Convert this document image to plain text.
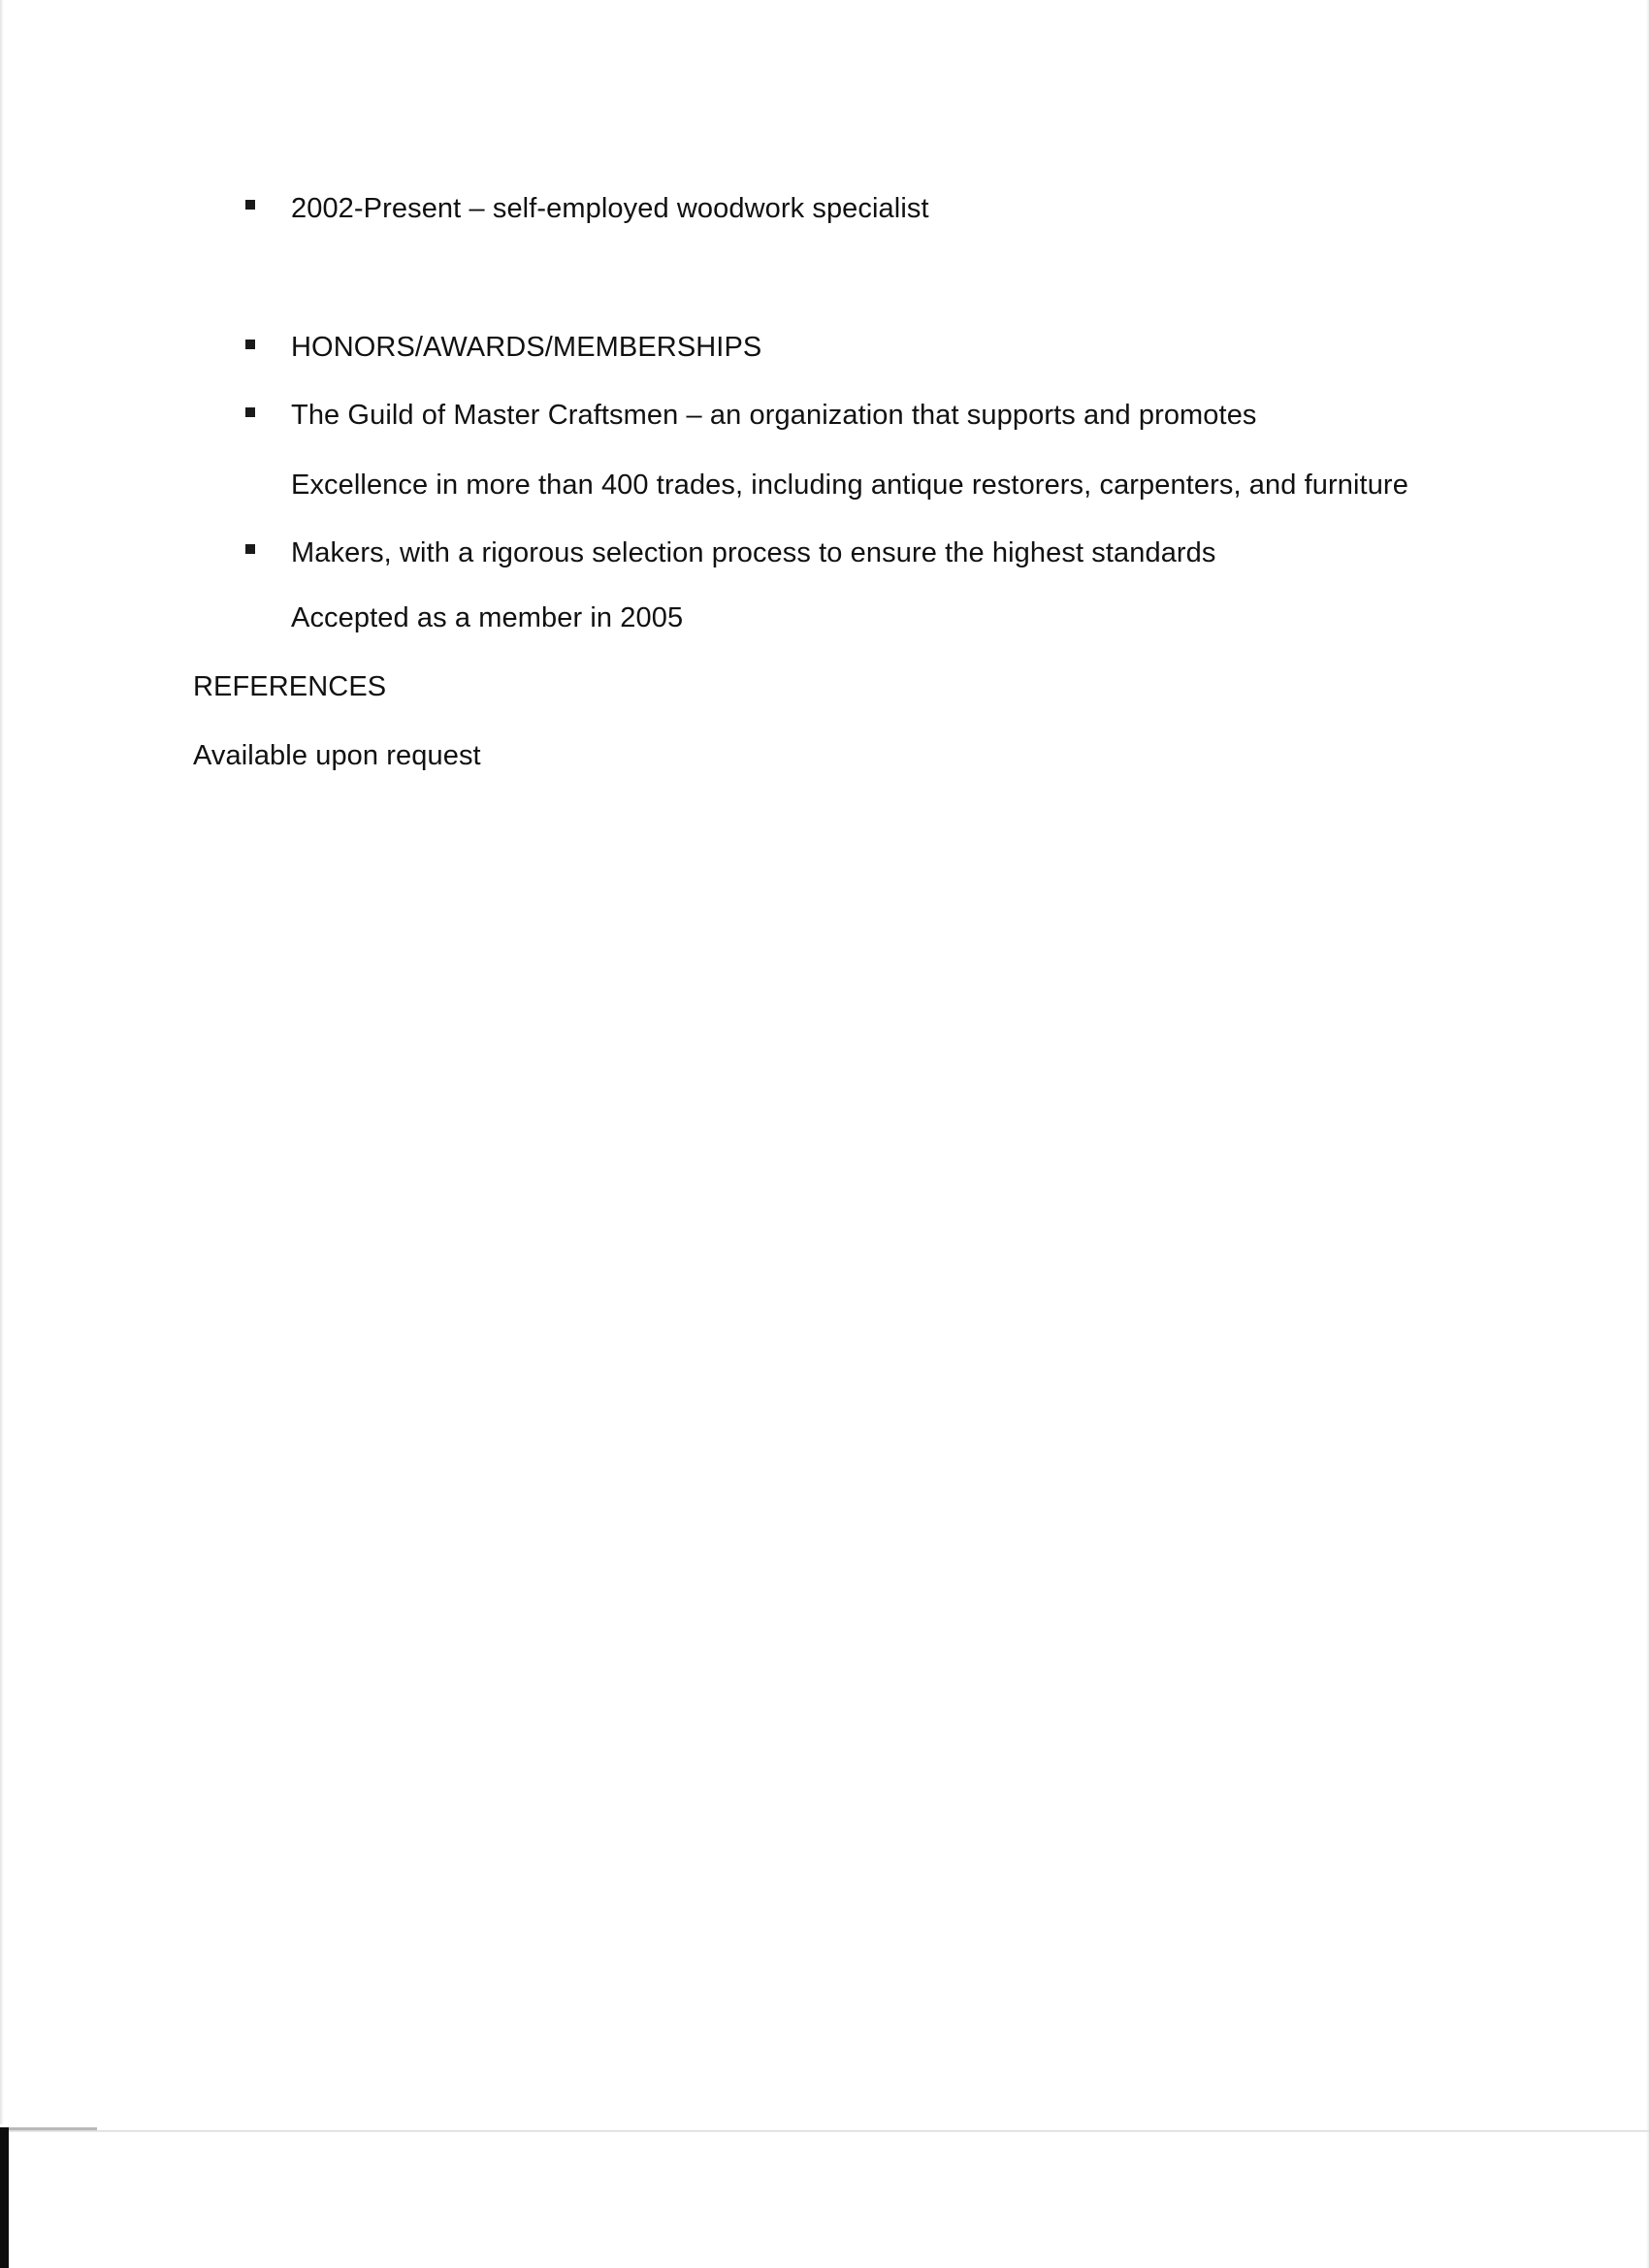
2002-Present – self-employed woodwork specialist
HONORS/AWARDS/MEMBERSHIPS
The Guild of Master Craftsmen – an organization that supports and promotes
Excellence in more than 400 trades, including antique restorers, carpenters, and furniture
Makers, with a rigorous selection process to ensure the highest standards
Accepted as a member in 2005
REFERENCES
Available upon request
